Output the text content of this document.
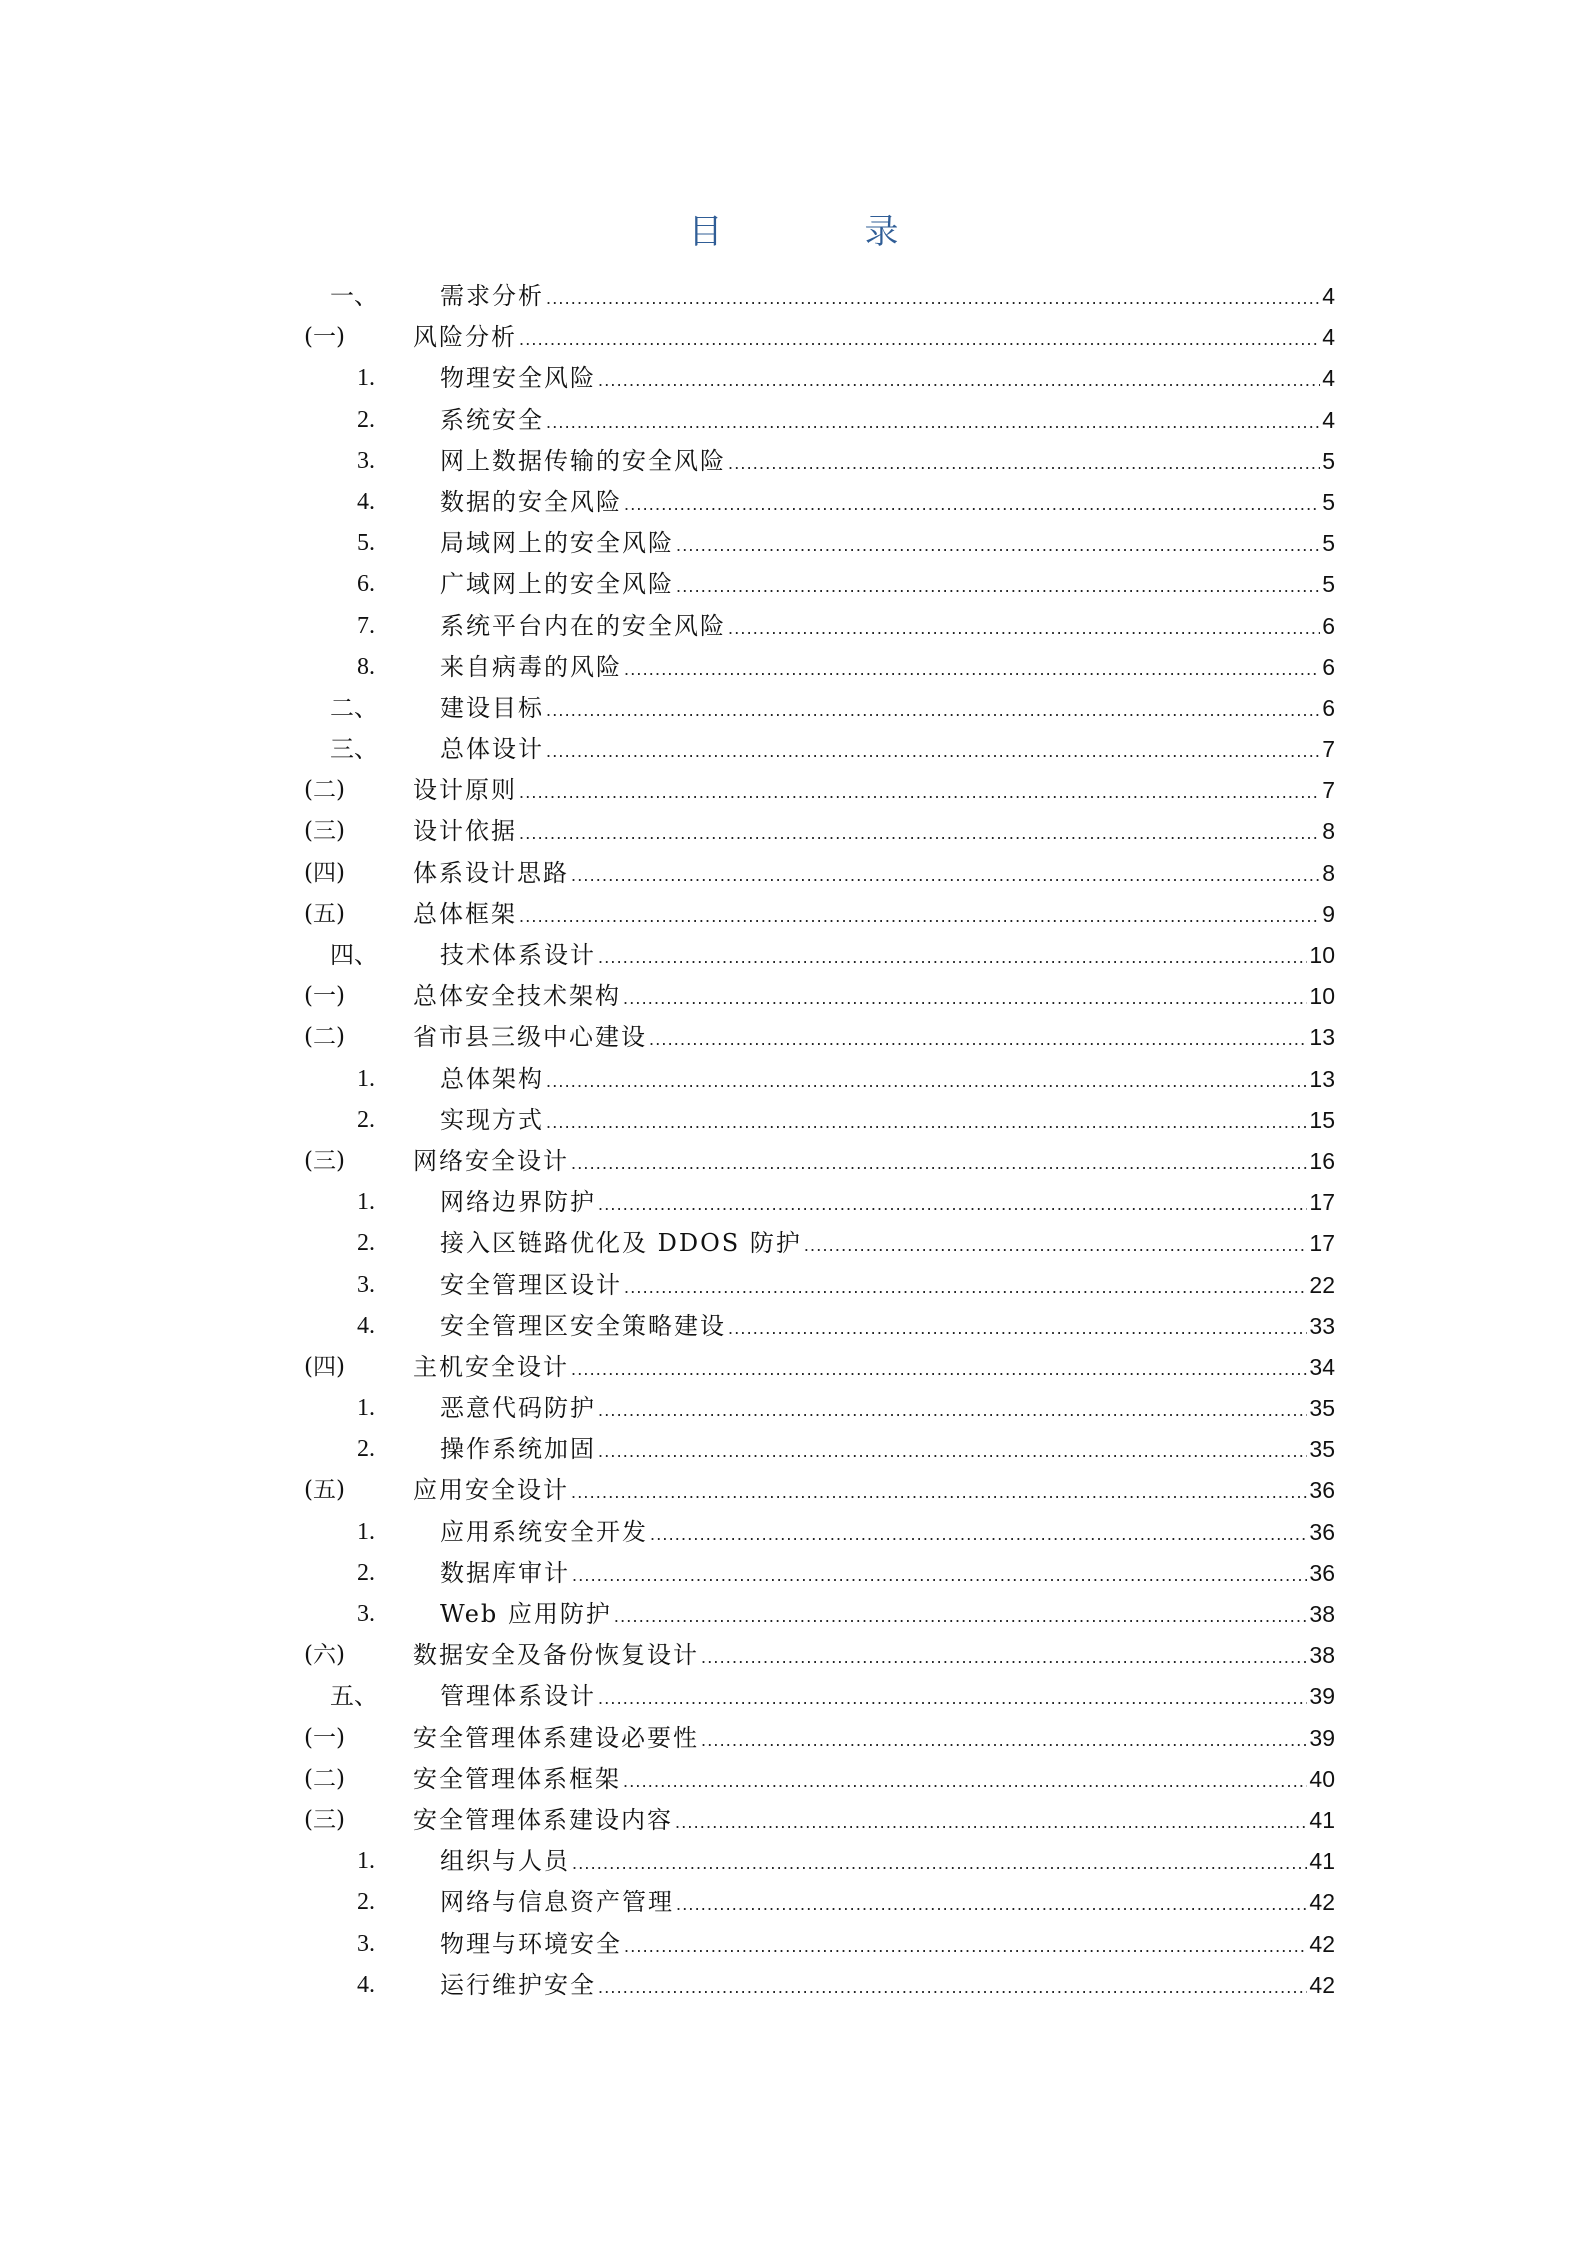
目　录
一、	需求分析 .....	4
(一)	风险分析 .....	4
1.	物理安全风险 .....	4
2.	系统安全 .....	4
3.	网上数据传输的安全风险 .....	5
4.	数据的安全风险 .....	5
5.	局域网上的安全风险 .....	5
6.	广域网上的安全风险 .....	5
7.	系统平台内在的安全风险 .....	6
8.	来自病毒的风险 .....	6
二、	建设目标 .....	6
三、	总体设计 .....	7
(二)	设计原则 .....	7
(三)	设计依据 .....	8
(四)	体系设计思路 .....	8
(五)	总体框架 .....	9
四、	技术体系设计 .....	10
(一)	总体安全技术架构 .....	10
(二)	省市县三级中心建设 .....	13
1.	总体架构 .....	13
2.	实现方式 .....	15
(三)	网络安全设计 .....	16
1.	网络边界防护 .....	17
2.	接入区链路优化及 DDOS 防护 .....	17
3.	安全管理区设计 .....	22
4.	安全管理区安全策略建设 .....	33
(四)	主机安全设计 .....	34
1.	恶意代码防护 .....	35
2.	操作系统加固 .....	35
(五)	应用安全设计 .....	36
1.	应用系统安全开发 .....	36
2.	数据库审计 .....	36
3.	Web 应用防护 .....	38
(六)	数据安全及备份恢复设计 .....	38
五、	管理体系设计 .....	39
(一)	安全管理体系建设必要性 .....	39
(二)	安全管理体系框架 .....	40
(三)	安全管理体系建设内容 .....	41
1.	组织与人员 .....	41
2.	网络与信息资产管理 .....	42
3.	物理与环境安全 .....	42
4.	运行维护安全 .....	42
